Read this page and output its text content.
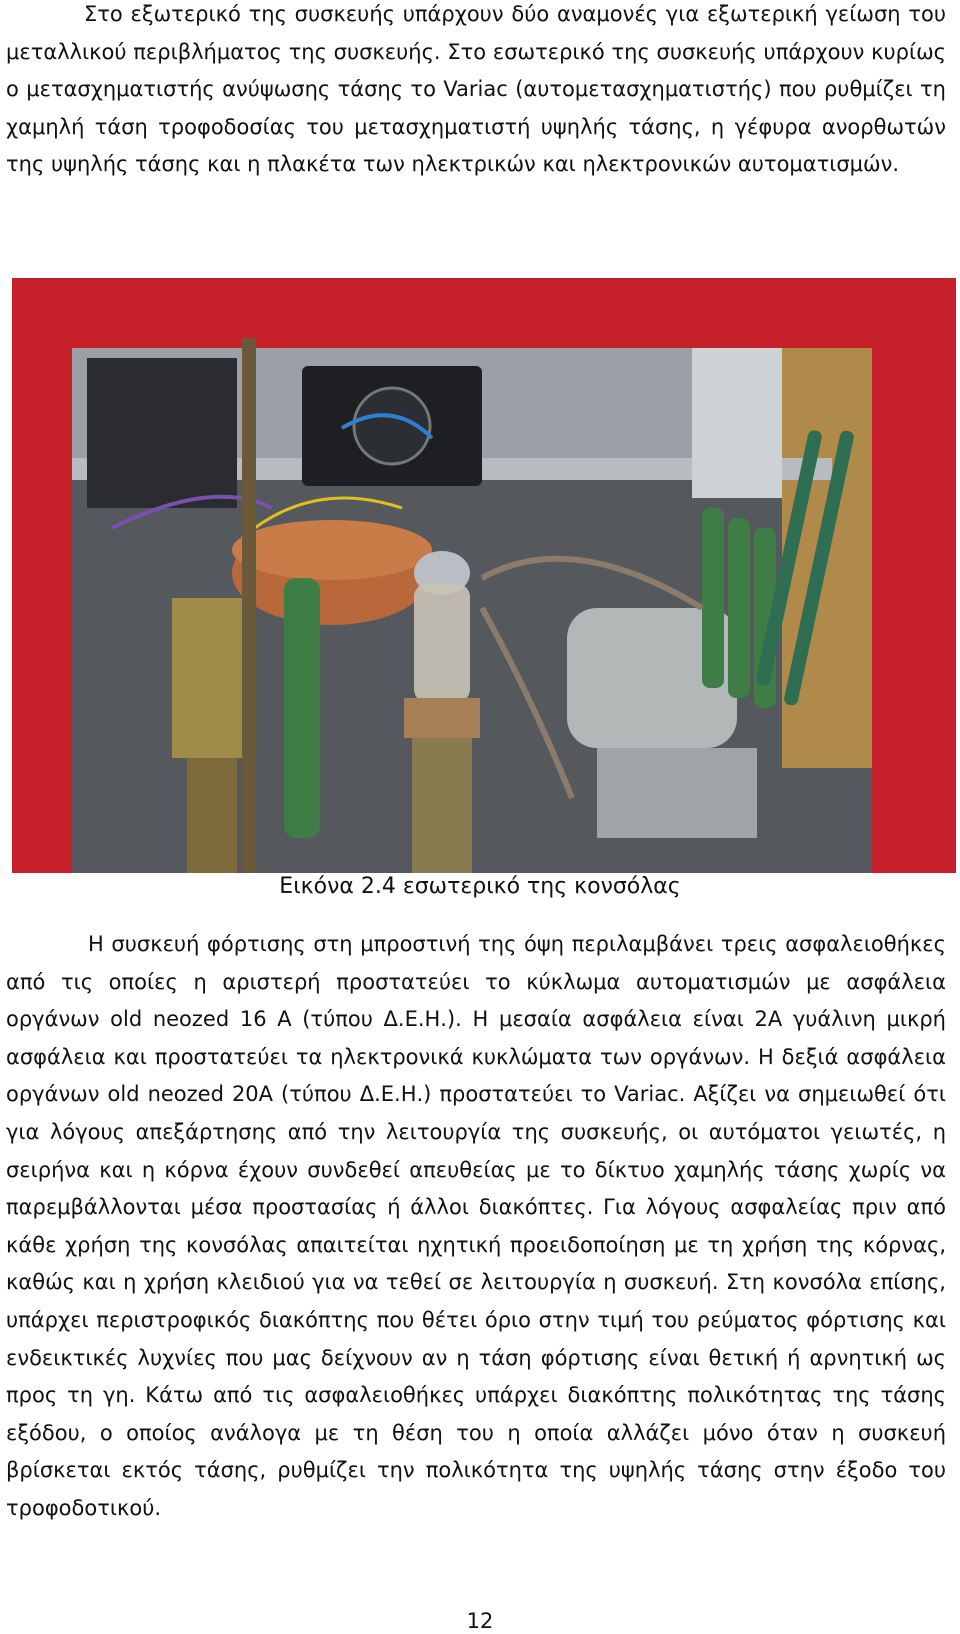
Στο εξωτερικό της συσκευής υπάρχουν δύο αναμονές για εξωτερική γείωση του μεταλλικού περιβλήματος της συσκευής. Στο εσωτερικό της συσκευής υπάρχουν κυρίως ο μετασχηματιστής ανύψωσης τάσης το Variac (αυτομετασχηματιστής) που ρυθμίζει τη χαμηλή τάση τροφοδοσίας του μετασχηματιστή υψηλής τάσης, η γέφυρα ανορθωτών της υψηλής τάσης και η πλακέτα των ηλεκτρικών και ηλεκτρονικών αυτοματισμών.

Εικόνα 2.4 εσωτερικό της κονσόλας

Η συσκευή φόρτισης στη μπροστινή της όψη περιλαμβάνει τρεις ασφαλειοθήκες από τις οποίες η αριστερή προστατεύει το κύκλωμα αυτοματισμών με ασφάλεια οργάνων old neozed 16 A (τύπου Δ.Ε.Η.). Η μεσαία ασφάλεια είναι 2A γυάλινη μικρή ασφάλεια και προστατεύει τα ηλεκτρονικά κυκλώματα των οργάνων. Η δεξιά ασφάλεια οργάνων old neozed 20A (τύπου Δ.Ε.Η.) προστατεύει το Variac. Αξίζει να σημειωθεί ότι για λόγους απεξάρτησης από την λειτουργία της συσκευής, οι αυτόματοι γειωτές, η σειρήνα και η κόρνα έχουν συνδεθεί απευθείας με το δίκτυο χαμηλής τάσης χωρίς να παρεμβάλλονται μέσα προστασίας ή άλλοι διακόπτες. Για λόγους ασφαλείας πριν από κάθε χρήση της κονσόλας απαιτείται ηχητική προειδοποίηση με τη χρήση της κόρνας, καθώς και η χρήση κλειδιού για να τεθεί σε λειτουργία η συσκευή. Στη κονσόλα επίσης, υπάρχει περιστροφικός διακόπτης που θέτει όριο στην τιμή του ρεύματος φόρτισης και ενδεικτικές λυχνίες που μας δείχνουν αν η τάση φόρτισης είναι θετική ή αρνητική ως προς τη γη. Κάτω από τις ασφαλειοθήκες υπάρχει διακόπτης πολικότητας της τάσης εξόδου, ο οποίος ανάλογα με τη θέση του η οποία αλλάζει μόνο όταν η συσκευή βρίσκεται εκτός τάσης, ρυθμίζει την πολικότητα της υψηλής τάσης στην έξοδο του τροφοδοτικού.

12
